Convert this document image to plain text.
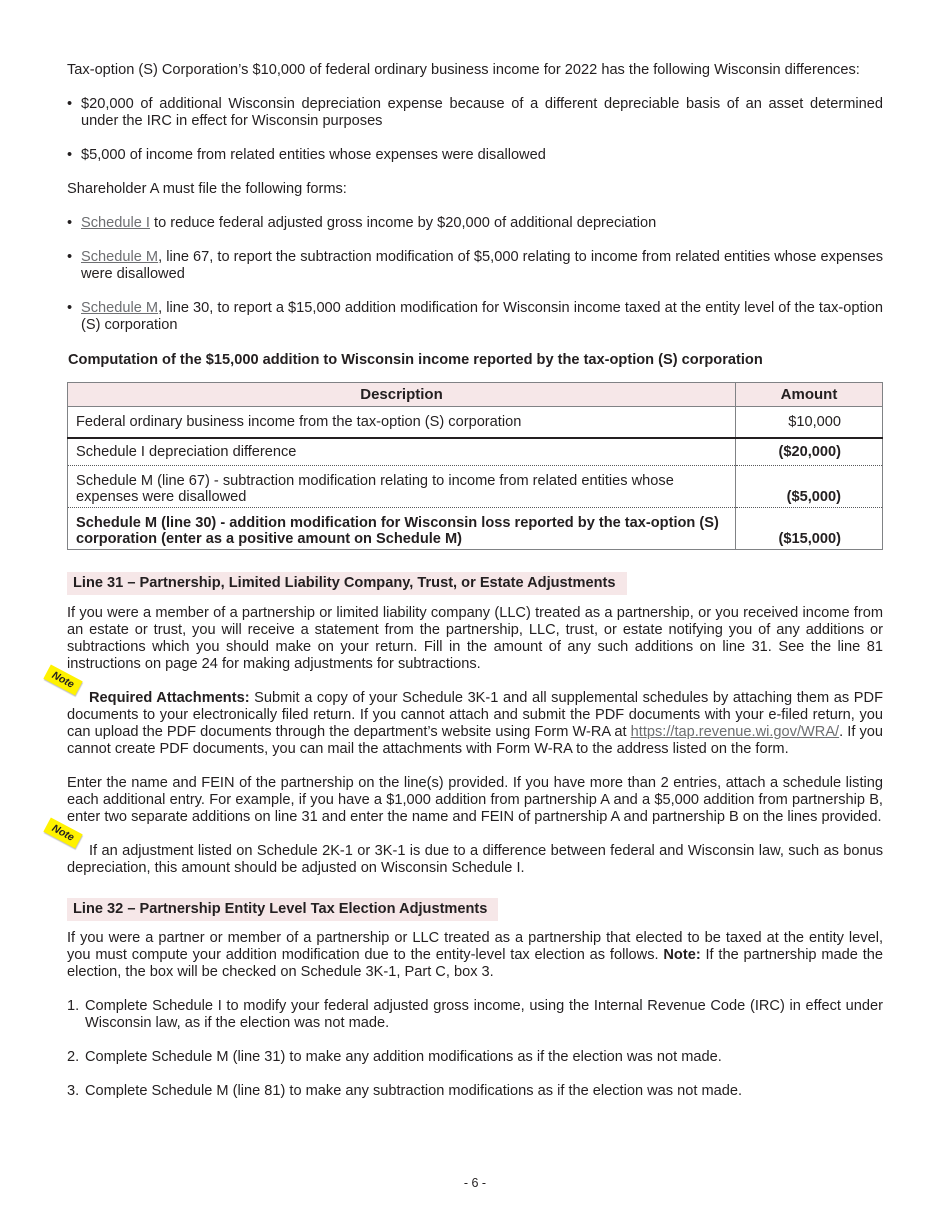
Tax-option (S) Corporation’s $10,000 of federal ordinary business income for 2022 has the following Wisconsin differences:

• $20,000 of additional Wisconsin depreciation expense because of a different depreciable basis of an asset determined under the IRC in effect for Wisconsin purposes
• $5,000 of income from related entities whose expenses were disallowed

Shareholder A must file the following forms:

• Schedule I to reduce federal adjusted gross income by $20,000 of additional depreciation
• Schedule M, line 67, to report the subtraction modification of $5,000 relating to income from related entities whose expenses were disallowed
• Schedule M, line 30, to report a $15,000 addition modification for Wisconsin income taxed at the entity level of the tax-option (S) corporation

Computation of the $15,000 addition to Wisconsin income reported by the tax-option (S) corporation

Description	Amount
Federal ordinary business income from the tax-option (S) corporation	$10,000
Schedule I depreciation difference	($20,000)
Schedule M (line 67) - subtraction modification relating to income from related entities whose expenses were disallowed	($5,000)
Schedule M (line 30) - addition modification for Wisconsin loss reported by the tax-option (S) corporation (enter as a positive amount on Schedule M)	($15,000)
Line 31 – Partnership, Limited Liability Company, Trust, or Estate Adjustments

If you were a member of a partnership or limited liability company (LLC) treated as a partnership, or you received income from an estate or trust, you will receive a statement from the partnership, LLC, trust, or estate notifying you of any additions or subtractions which you should make on your return. Fill in the amount of any such additions on line 31. See the line 81 instructions on page 24 for making adjustments for subtractions.

Note

Required Attachments: Submit a copy of your Schedule 3K-1 and all supplemental schedules by attaching them as PDF documents to your electronically filed return. If you cannot attach and submit the PDF documents with your e-filed return, you can upload the PDF documents through the department’s website using Form W-RA at https://tap.revenue.wi.gov/WRA/. If you cannot create PDF documents, you can mail the attachments with Form W-RA to the address listed on the form.

Enter the name and FEIN of the partnership on the line(s) provided. If you have more than 2 entries, attach a schedule listing each additional entry. For example, if you have a $1,000 addition from partnership A and a $5,000 addition from partnership B, enter two separate additions on line 31 and enter the name and FEIN of partnership A and partnership B on the lines provided.

Note

If an adjustment listed on Schedule 2K-1 or 3K-1 is due to a difference between federal and Wisconsin law, such as bonus depreciation, this amount should be adjusted on Wisconsin Schedule I.

Line 32 – Partnership Entity Level Tax Election Adjustments

If you were a partner or member of a partnership or LLC treated as a partnership that elected to be taxed at the entity level, you must compute your addition modification due to the entity-level tax election as follows. Note: If the partnership made the election, the box will be checked on Schedule 3K-1, Part C, box 3.

1. Complete Schedule I to modify your federal adjusted gross income, using the Internal Revenue Code (IRC) in effect under Wisconsin law, as if the election was not made.
2. Complete Schedule M (line 31) to make any addition modifications as if the election was not made.
3. Complete Schedule M (line 81) to make any subtraction modifications as if the election was not made.
- 6 -
